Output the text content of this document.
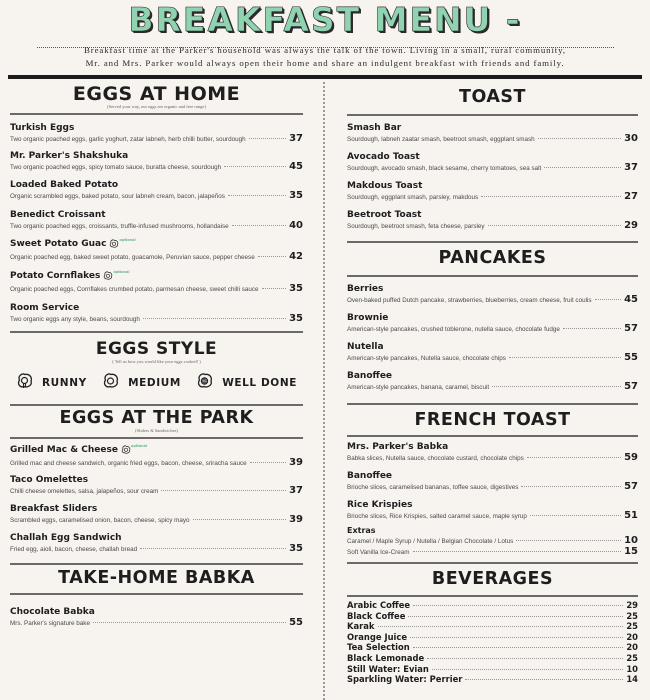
BREAKFAST MENU -
Breakfast time at the Parker's household was always the talk of the town. Living in a small, rural community,
Mr. and Mrs. Parker would always open their home and share an indulgent breakfast with friends and family.
EGGS AT HOME
(Served your way, our eggs are organic and free range)
Turkish Eggs
Two organic poached eggs, garlic yoghurt, zatar labneh, herb chilli butter, sourdough	37
Mr. Parker's Shakshuka
Two organic poached eggs, spicy tomato sauce, buratta cheese, sourdough	45
Loaded Baked Potato
Organic scrambled eggs, baked potato, sour labneh cream, bacon, jalapeños	35
Benedict Croissant
Two organic poached eggs, croissants, truffle-infused mushrooms, hollandaise	40
Sweet Potato Guac	$^{optional}$
Organic poached egg, baked sweet potato, guacamole, Peruvian sauce, pepper cheese	42
Potato Cornflakes	$^{optional}$
Organic poached eggs, Cornflakes crumbed potato, parmesan cheese, sweet chilli sauce	35
Room Service
Two organic eggs any style, beans, sourdough	35
EGGS STYLE
( Tell us how you would like your eggs cooked! )
RUNNY	MEDIUM	WELL DONE
EGGS AT THE PARK
(Sliders & Sandwiches)
Grilled Mac & Cheese	$^{optional}$
Grilled mac and cheese sandwich, organic fried eggs, bacon, cheese, sriracha sauce	39
Taco Omelettes
Chilli cheese omelettes, salsa, jalapeños, sour cream	37
Breakfast Sliders
Scrambled eggs, caramelised onion, bacon, cheese, spicy mayo	39
Challah Egg Sandwich
Fried egg, aioli, bacon, cheese, challah bread	35
TAKE-HOME BABKA
Chocolate Babka
Mrs. Parker's signature bake	55
TOAST
Smash Bar
Sourdough, labneh zaatar smash, beetroot smash, eggplant smash	30
Avocado Toast
Sourdough, avocado smash, black sesame, cherry tomatoes, sea salt	37
Makdous Toast
Sourdough, eggplant smash, parsley, makdous	27
Beetroot Toast
Sourdough, beetroot smash, feta cheese, parsley	29
PANCAKES
Berries
Oven-baked puffed Dutch pancake, strawberries, blueberries, cream cheese, fruit coulis	45
Brownie
American-style pancakes, crushed toblerone, nutella sauce, chocolate fudge	57
Nutella
American-style pancakes, Nutella sauce, chocolate chips	55
Banoffee
American-style pancakes, banana, caramel, biscuit	57
FRENCH TOAST
Mrs. Parker's Babka
Babka slices, Nutella sauce, chocolate custard, chocolate chips	59
Banoffee
Brioche slices, caramelised bananas, toffee sauce, digestives	57
Rice Krispies
Brioche slices, Rice Krispies, salted caramel sauce, maple syrup	51
Extras
Caramel / Maple Syrup / Nutella / Belgian Chocolate / Lotus	10
Soft Vanilla Ice-Cream	15
BEVERAGES
Arabic Coffee	29
Black Coffee	25
Karak	25
Orange Juice	20
Tea Selection	20
Black Lemonade	25
Still Water: Evian	10
Sparkling Water: Perrier	14
